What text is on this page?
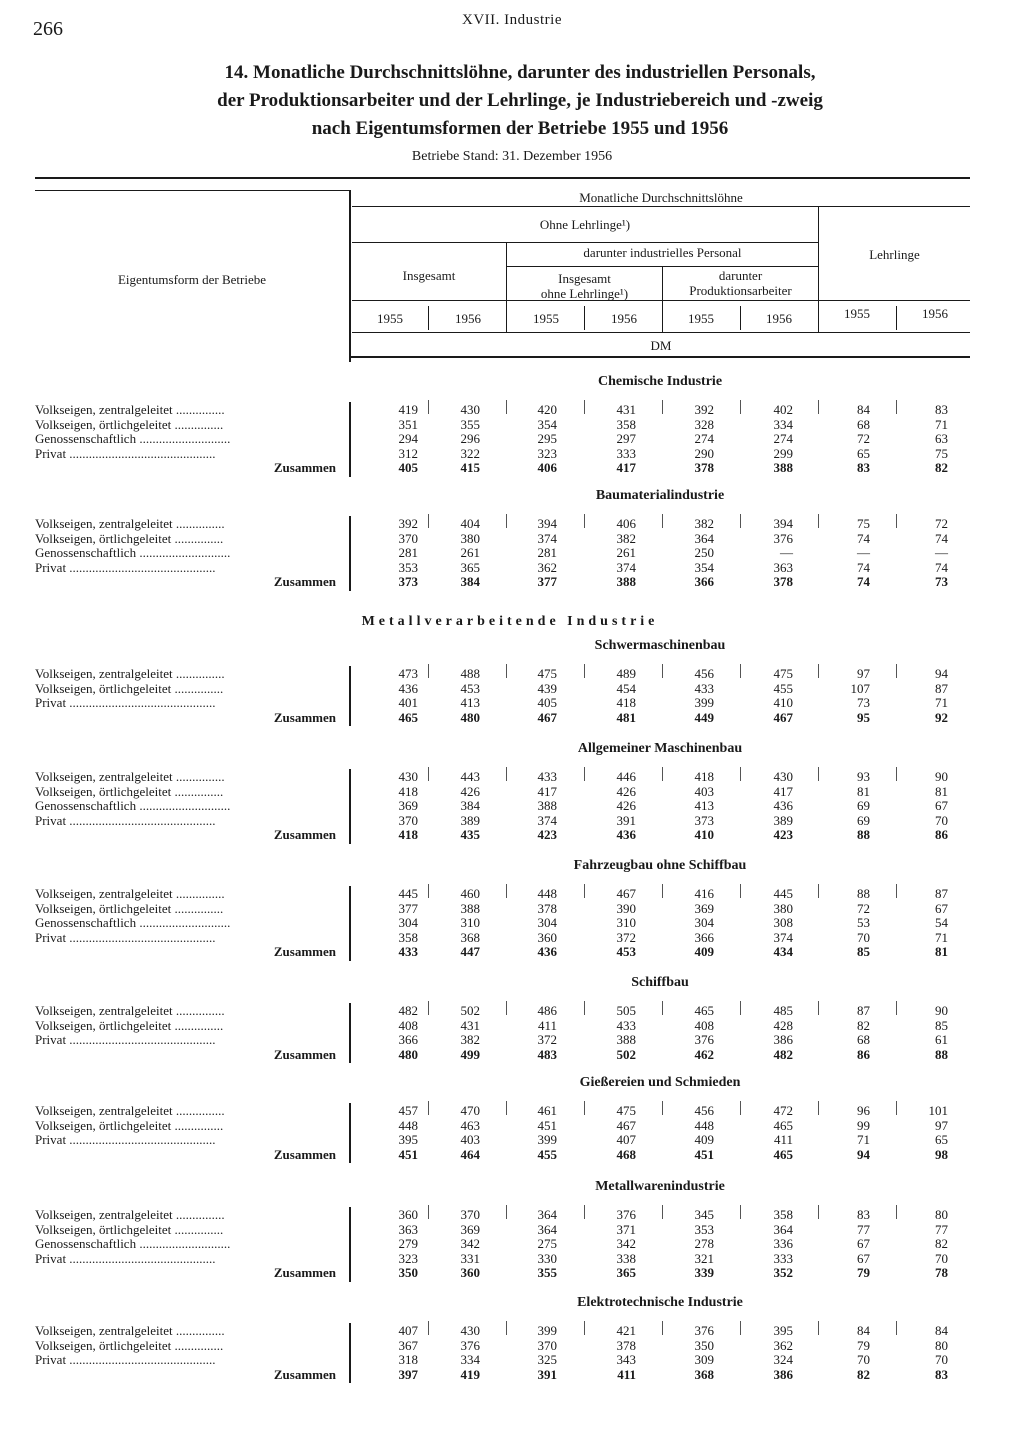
266	XVII. Industrie
14. Monatliche Durchschnittslöhne, darunter des industriellen Personals,
der Produktionsarbeiter und der Lehrlinge, je Industriebereich und -zweig
nach Eigentumsformen der Betriebe 1955 und 1956
Betriebe Stand: 31. Dezember 1956
Eigentumsform der Betriebe
Monatliche Durchschnittslöhne
Ohne Lehrlinge¹)
Insgesamt
darunter industrielles Personal
Insgesamt
ohne Lehrlinge¹)
darunter
Produktionsarbeiter
Lehrlinge
1955	1956	1955	1956	1955	1956	1955	1956
DM
Chemische Industrie
Volkseigen, zentralgeleitet ...............	419	430	420	431	392	402	84	83
Volkseigen, örtlichgeleitet ...............	351	355	354	358	328	334	68	71
Genossenschaftlich ............................	294	296	295	297	274	274	72	63
Privat .............................................	312	322	323	333	290	299	65	75
Zusammen	405	415	406	417	378	388	83	82
Baumaterialindustrie
Volkseigen, zentralgeleitet ...............	392	404	394	406	382	394	75	72
Volkseigen, örtlichgeleitet ...............	370	380	374	382	364	376	74	74
Genossenschaftlich ............................	281	261	281	261	250	—	—	—
Privat .............................................	353	365	362	374	354	363	74	74
Zusammen	373	384	377	388	366	378	74	73
Metallverarbeitende Industrie
Schwermaschinenbau
Volkseigen, zentralgeleitet ...............	473	488	475	489	456	475	97	94
Volkseigen, örtlichgeleitet ...............	436	453	439	454	433	455	107	87
Privat .............................................	401	413	405	418	399	410	73	71
Zusammen	465	480	467	481	449	467	95	92
Allgemeiner Maschinenbau
Volkseigen, zentralgeleitet ...............	430	443	433	446	418	430	93	90
Volkseigen, örtlichgeleitet ...............	418	426	417	426	403	417	81	81
Genossenschaftlich ............................	369	384	388	426	413	436	69	67
Privat .............................................	370	389	374	391	373	389	69	70
Zusammen	418	435	423	436	410	423	88	86
Fahrzeugbau ohne Schiffbau
Volkseigen, zentralgeleitet ...............	445	460	448	467	416	445	88	87
Volkseigen, örtlichgeleitet ...............	377	388	378	390	369	380	72	67
Genossenschaftlich ............................	304	310	304	310	304	308	53	54
Privat .............................................	358	368	360	372	366	374	70	71
Zusammen	433	447	436	453	409	434	85	81
Schiffbau
Volkseigen, zentralgeleitet ...............	482	502	486	505	465	485	87	90
Volkseigen, örtlichgeleitet ...............	408	431	411	433	408	428	82	85
Privat .............................................	366	382	372	388	376	386	68	61
Zusammen	480	499	483	502	462	482	86	88
Gießereien und Schmieden
Volkseigen, zentralgeleitet ...............	457	470	461	475	456	472	96	101
Volkseigen, örtlichgeleitet ...............	448	463	451	467	448	465	99	97
Privat .............................................	395	403	399	407	409	411	71	65
Zusammen	451	464	455	468	451	465	94	98
Metallwarenindustrie
Volkseigen, zentralgeleitet ...............	360	370	364	376	345	358	83	80
Volkseigen, örtlichgeleitet ...............	363	369	364	371	353	364	77	77
Genossenschaftlich ............................	279	342	275	342	278	336	67	82
Privat .............................................	323	331	330	338	321	333	67	70
Zusammen	350	360	355	365	339	352	79	78
Elektrotechnische Industrie
Volkseigen, zentralgeleitet ...............	407	430	399	421	376	395	84	84
Volkseigen, örtlichgeleitet ...............	367	376	370	378	350	362	79	80
Privat .............................................	318	334	325	343	309	324	70	70
Zusammen	397	419	391	411	368	386	82	83
